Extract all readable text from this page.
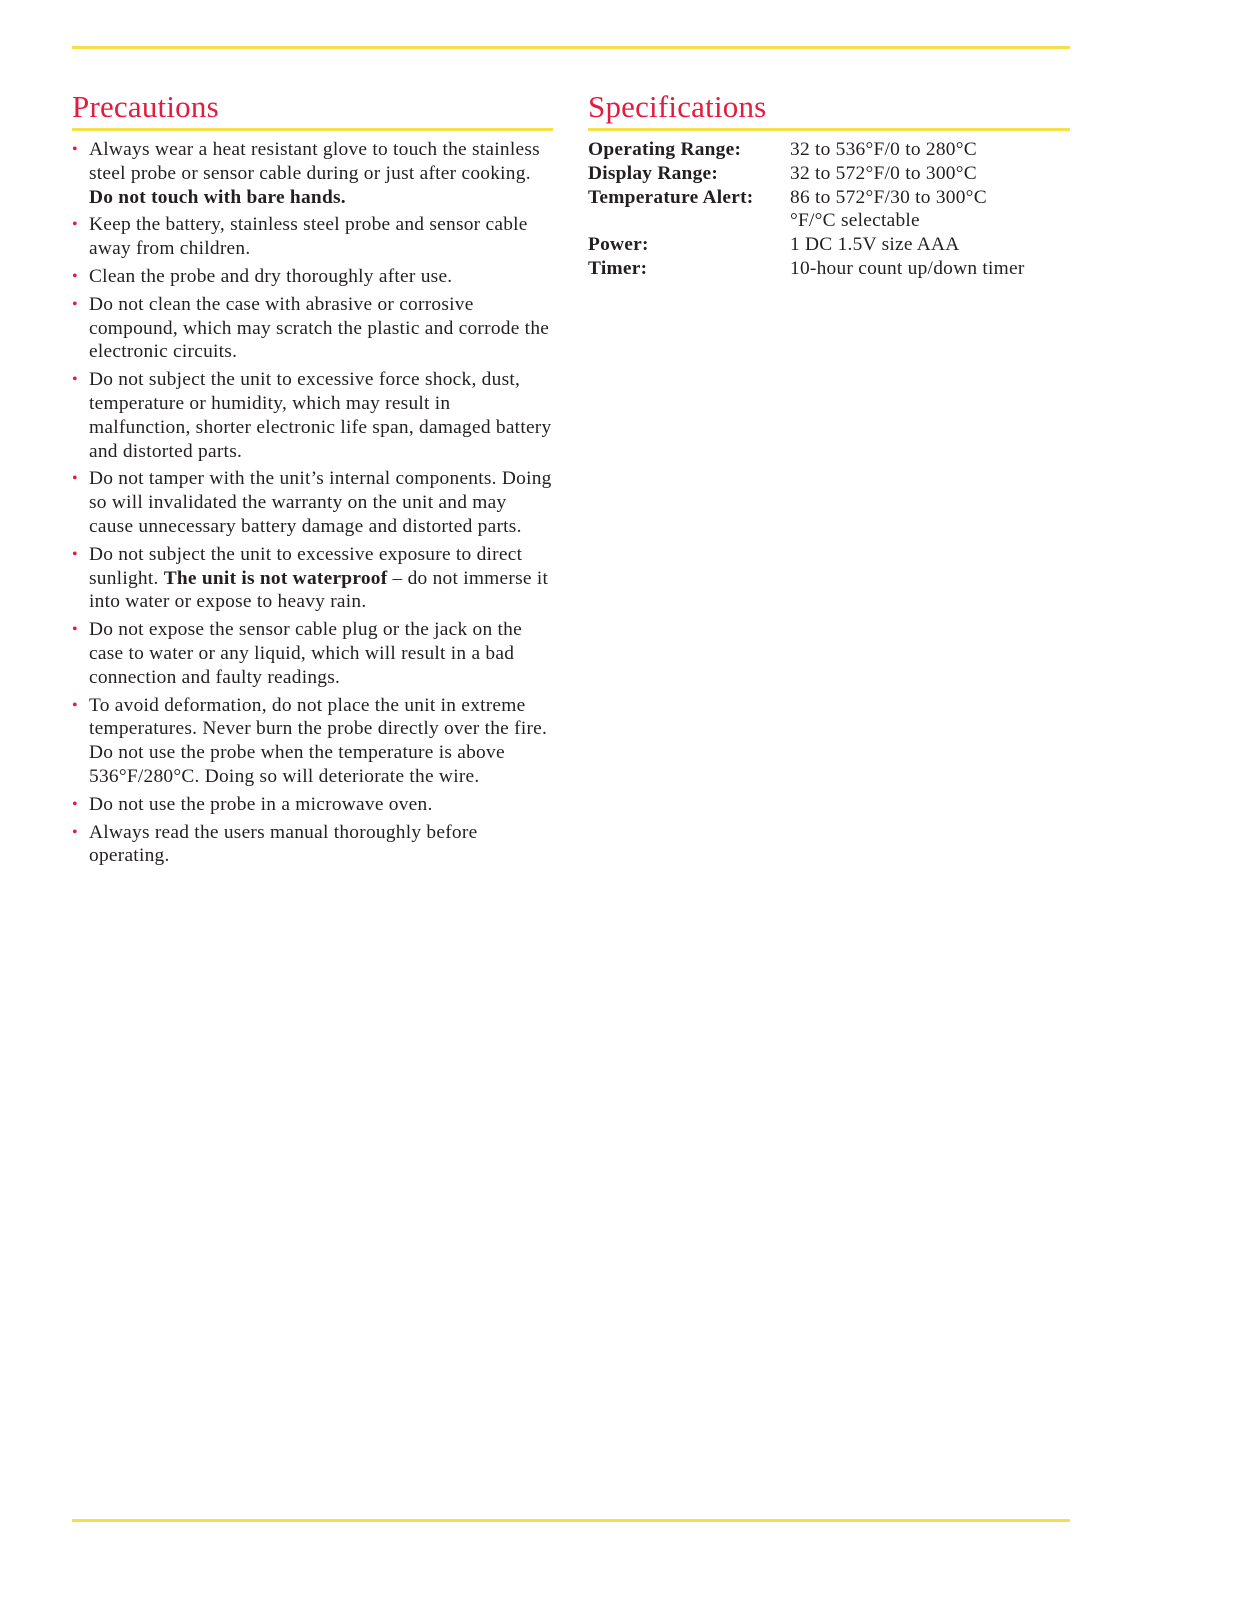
Precautions
• Always wear a heat resistant glove to touch the stainless steel probe or sensor cable during or just after cooking.
Do not touch with bare hands.
• Keep the battery, stainless steel probe and sensor cable away from children.
• Clean the probe and dry thoroughly after use.
• Do not clean the case with abrasive or corrosive compound, which may scratch the plastic and corrode the electronic circuits.
• Do not subject the unit to excessive force shock, dust, temperature or humidity, which may result in malfunction, shorter electronic life span, damaged battery and distorted parts.
• Do not tamper with the unit’s internal components. Doing so will invalidated the warranty on the unit and may cause unnecessary battery damage and distorted parts.
• Do not subject the unit to excessive exposure to direct sunlight. The unit is not waterproof – do not immerse it into water or expose to heavy rain.
• Do not expose the sensor cable plug or the jack on the case to water or any liquid, which will result in a bad connection and faulty readings.
• To avoid deformation, do not place the unit in extreme temperatures. Never burn the probe directly over the fire. Do not use the probe when the temperature is above 536°F/280°C. Doing so will deteriorate the wire.
• Do not use the probe in a microwave oven.
• Always read the users manual thoroughly before operating.
Specifications
Operating Range:	32 to 536°F/0 to 280°C
Display Range:	32 to 572°F/0 to 300°C
Temperature Alert:	86 to 572°F/30 to 300°C
	°F/°C selectable
Power:	1 DC 1.5V size AAA
Timer:	10-hour count up/down timer
